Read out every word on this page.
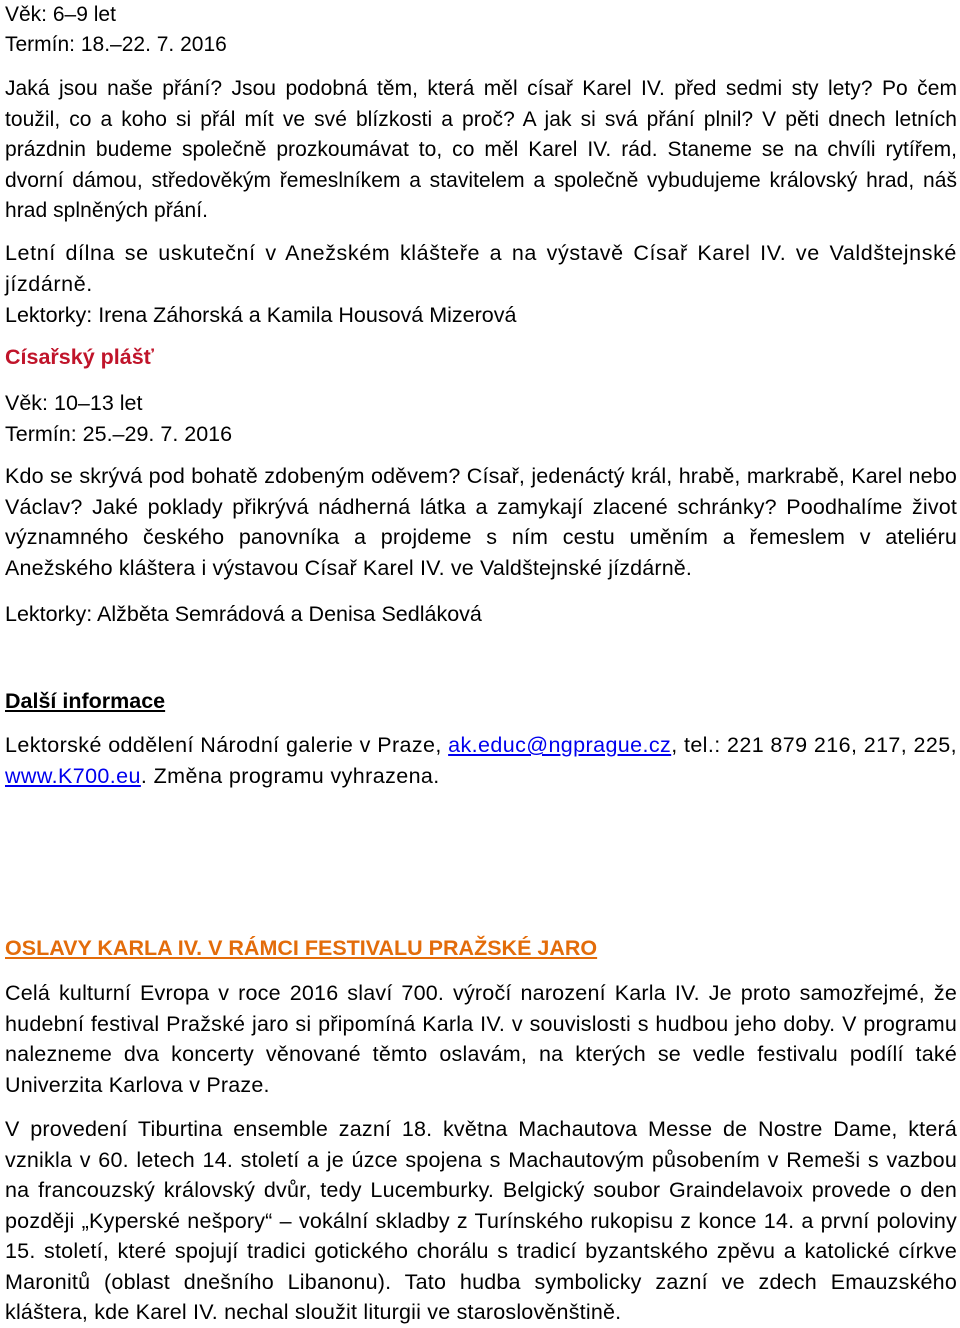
Věk: 6–9 let
Termín: 18.–22. 7. 2016
Jaká jsou naše přání? Jsou podobná těm, která měl císař Karel IV. před sedmi sty lety? Po čem toužil, co a koho si přál mít ve své blízkosti a proč? A jak si svá přání plnil? V pěti dnech letních prázdnin budeme společně prozkoumávat to, co měl Karel IV. rád. Staneme se na chvíli rytířem, dvorní dámou, středověkým řemeslníkem a stavitelem a společně vybudujeme královský hrad, náš hrad splněných přání.
Letní dílna se uskuteční v Anežském klášteře a na výstavě Císař Karel IV. ve Valdštejnské jízdárně.
Lektorky: Irena Záhorská a Kamila Housová Mizerová
Císařský plášť
Věk: 10–13 let
Termín: 25.–29. 7. 2016
Kdo se skrývá pod bohatě zdobeným oděvem? Císař, jedenáctý král, hrabě, markrabě, Karel nebo Václav? Jaké poklady přikrývá nádherná látka a zamykají zlacené schránky? Poodhalíme život významného českého panovníka a projdeme s ním cestu uměním a řemeslem v ateliéru Anežského kláštera i výstavou Císař Karel IV. ve Valdštejnské jízdárně.
Lektorky: Alžběta Semrádová a Denisa Sedláková
Další informace
Lektorské oddělení Národní galerie v Praze, ak.educ@ngprague.cz, tel.: 221 879 216, 217, 225, www.K700.eu. Změna programu vyhrazena.
OSLAVY KARLA IV. V RÁMCI FESTIVALU PRAŽSKÉ JARO
Celá kulturní Evropa v roce 2016 slaví 700. výročí narození Karla IV. Je proto samozřejmé, že hudební festival Pražské jaro si připomíná Karla IV. v souvislosti s hudbou jeho doby. V programu nalezneme dva koncerty věnované těmto oslavám, na kterých se vedle festivalu podílí také Univerzita Karlova v Praze.
V provedení Tiburtina ensemble zazní 18. května Machautova Messe de Nostre Dame, která vznikla v 60. letech 14. století a je úzce spojena s Machautovým působením v Remeši s vazbou na francouzský královský dvůr, tedy Lucemburky. Belgický soubor Graindelavoix provede o den později „Kyperské nešpory“ – vokální skladby z Turínského rukopisu z konce 14. a první poloviny 15. století, které spojují tradici gotického chorálu s tradicí byzantského zpěvu a katolické církve Maronitů (oblast dnešního Libanonu). Tato hudba symbolicky zazní ve zdech Emauzského kláštera, kde Karel IV. nechal sloužit liturgii ve staroslověnštině.
